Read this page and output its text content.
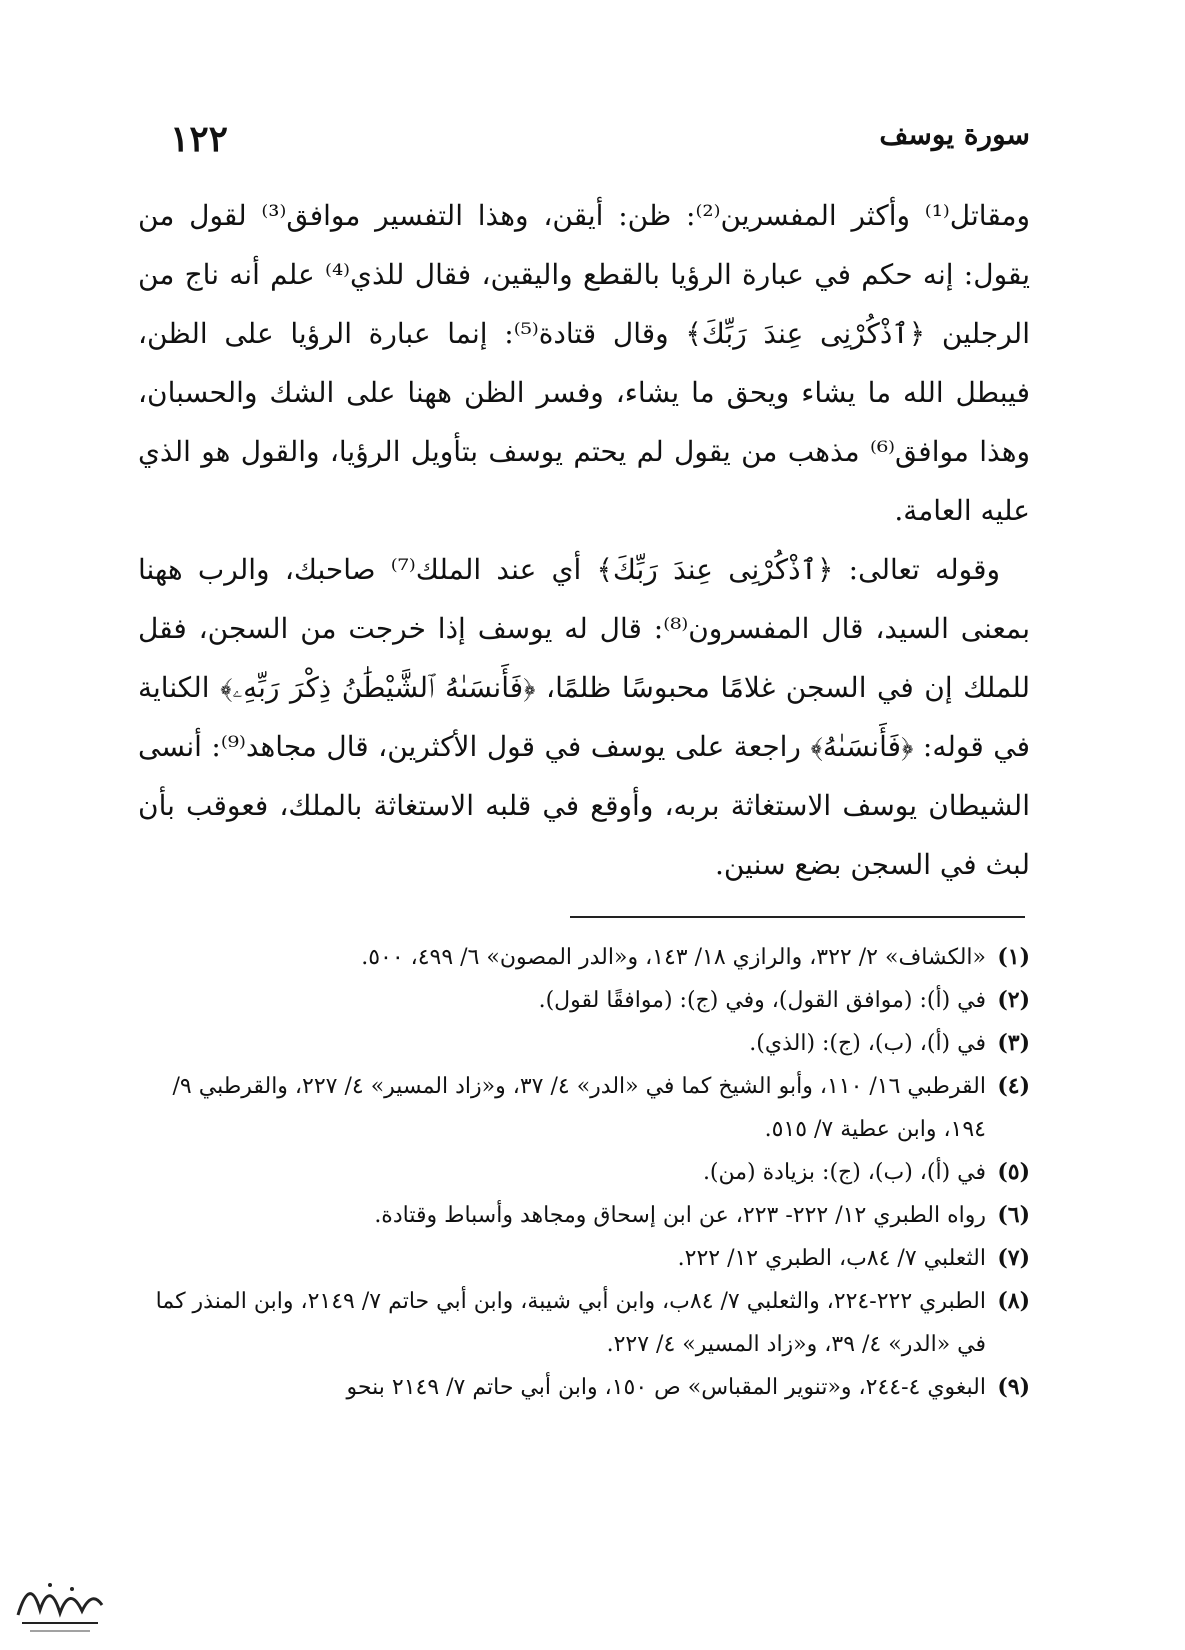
سورة يوسف
١٢٢

ومقاتل⁽¹⁾ وأكثر المفسرين⁽²⁾: ظن: أيقن، وهذا التفسير موافق⁽³⁾ لقول من يقول: إنه حكم في عبارة الرؤيا بالقطع واليقين، فقال للذي⁽⁴⁾ علم أنه ناج من الرجلين ﴿ٱذْكُرْنِى عِندَ رَبِّكَ﴾ وقال قتادة⁽⁵⁾: إنما عبارة الرؤيا على الظن، فيبطل الله ما يشاء ويحق ما يشاء، وفسر الظن ههنا على الشك والحسبان، وهذا موافق⁽⁶⁾ مذهب من يقول لم يحتم يوسف بتأويل الرؤيا، والقول هو الذي عليه العامة.

وقوله تعالى: ﴿ٱذْكُرْنِى عِندَ رَبِّكَ﴾ أي عند الملك⁽⁷⁾ صاحبك، والرب ههنا بمعنى السيد، قال المفسرون⁽⁸⁾: قال له يوسف إذا خرجت من السجن، فقل للملك إن في السجن غلامًا محبوسًا ظلمًا، ﴿فَأَنسَىٰهُ ٱلشَّيْطَٰنُ ذِكْرَ رَبِّهِۦ﴾ الكناية في قوله: ﴿فَأَنسَىٰهُ﴾ راجعة على يوسف في قول الأكثرين، قال مجاهد⁽⁹⁾: أنسى الشيطان يوسف الاستغاثة بربه، وأوقع في قلبه الاستغاثة بالملك، فعوقب بأن لبث في السجن بضع سنين.

(١)
«الكشاف» ٢/ ٣٢٢، والرازي ١٨/ ١٤٣، و«الدر المصون» ٦/ ٤٩٩، ٥٠٠.
(٢)
في (أ): (موافق القول)، وفي (ج): (موافقًا لقول).
(٣)
في (أ)، (ب)، (ج): (الذي).
(٤)
القرطبي ١٦/ ١١٠، وأبو الشيخ كما في «الدر» ٤/ ٣٧، و«زاد المسير» ٤/ ٢٢٧، والقرطبي ٩/ ١٩٤، وابن عطية ٧/ ٥١٥.
(٥)
في (أ)، (ب)، (ج): بزيادة (من).
(٦)
رواه الطبري ١٢/ ٢٢٢- ٢٢٣، عن ابن إسحاق ومجاهد وأسباط وقتادة.
(٧)
الثعلبي ٧/ ٨٤ب، الطبري ١٢/ ٢٢٢.
(٨)
الطبري ٢٢٢-٢٢٤، والثعلبي ٧/ ٨٤ب، وابن أبي شيبة، وابن أبي حاتم ٧/ ٢١٤٩، وابن المنذر كما في «الدر» ٤/ ٣٩، و«زاد المسير» ٤/ ٢٢٧.
(٩)
البغوي ٤-٢٤٤، و«تنوير المقباس» ص ١٥٠، وابن أبي حاتم ٧/ ٢١٤٩ بنحو
